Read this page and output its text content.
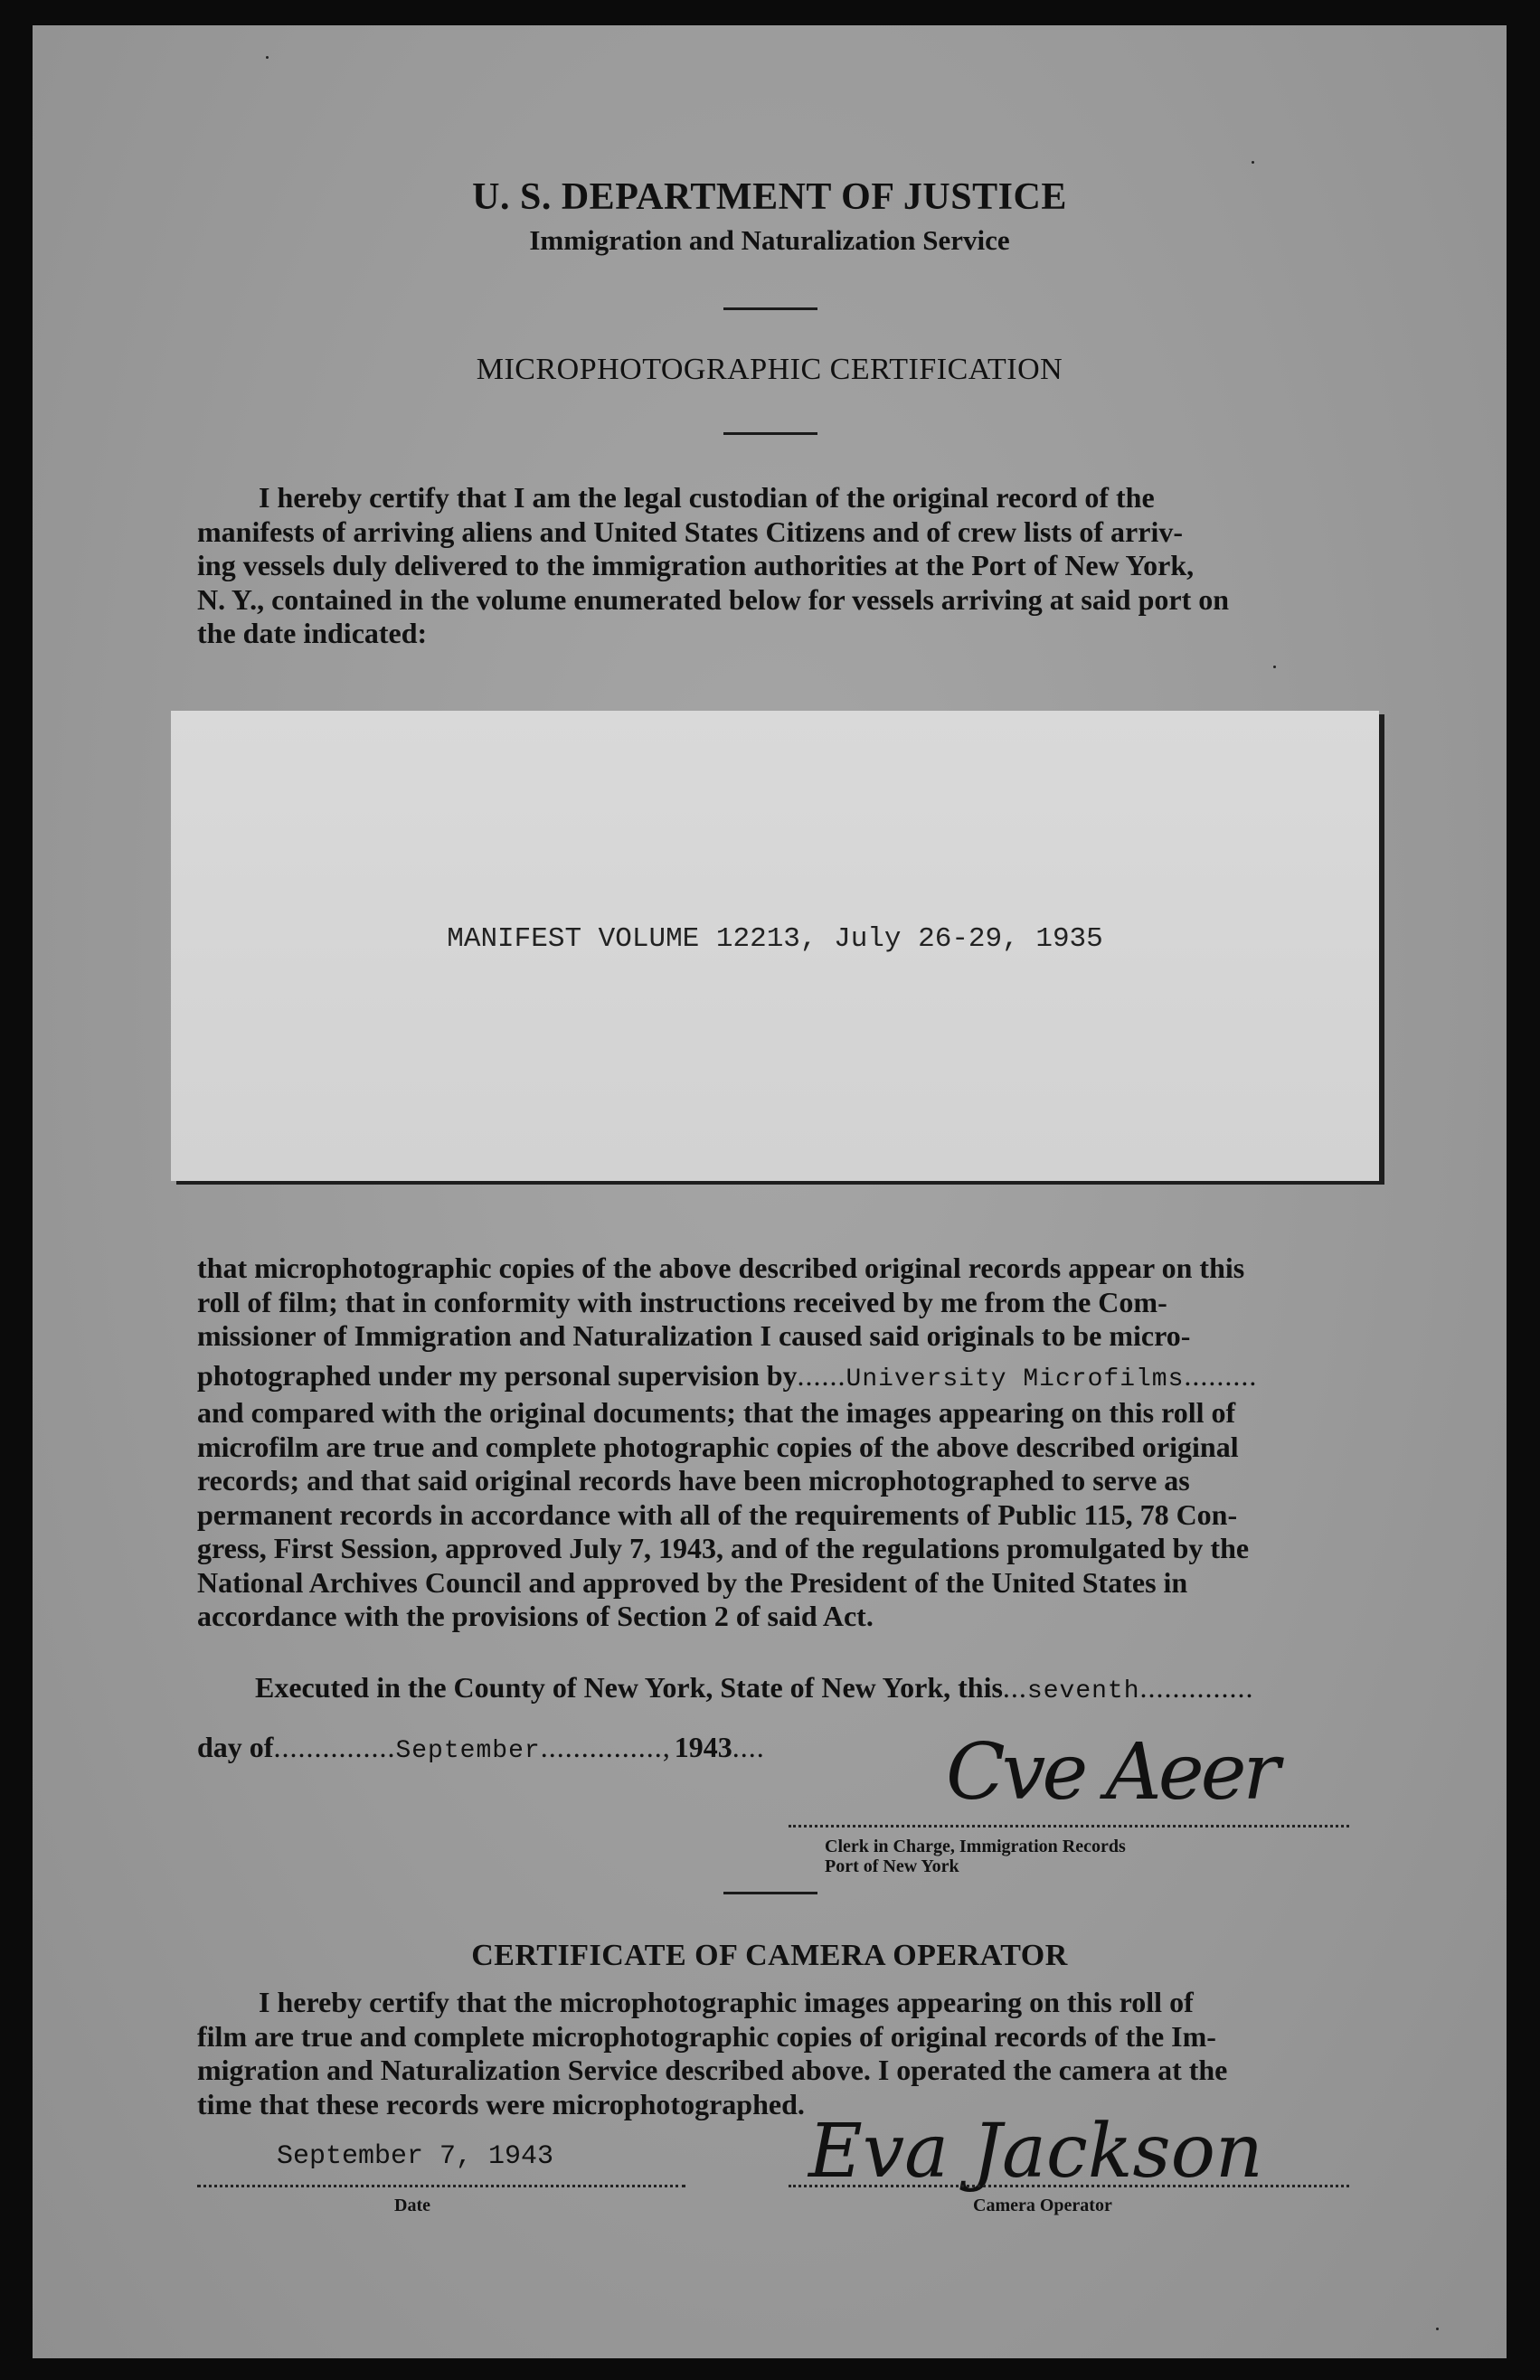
U. S. DEPARTMENT OF JUSTICE
Immigration and Naturalization Service
MICROPHOTOGRAPHIC CERTIFICATION
I hereby certify that I am the legal custodian of the original record of the
manifests of arriving aliens and United States Citizens and of crew lists of arriv-
ing vessels duly delivered to the immigration authorities at the Port of New York,
N. Y., contained in the volume enumerated below for vessels arriving at said port on
the date indicated:
MANIFEST VOLUME 12213, July 26-29, 1935
that microphotographic copies of the above described original records appear on this
roll of film; that in conformity with instructions received by me from the Com-
missioner of Immigration and Naturalization I caused said originals to be micro-
photographed under my personal supervision by......University Microfilms.........
and compared with the original documents; that the images appearing on this roll of
microfilm are true and complete photographic copies of the above described original
records; and that said original records have been microphotographed to serve as
permanent records in accordance with all of the requirements of Public 115, 78 Con-
gress, First Session, approved July 7, 1943, and of the regulations promulgated by the
National Archives Council and approved by the President of the United States in
accordance with the provisions of Section 2 of said Act.
Executed in the County of New York, State of New York, this...seventh..............
day of...............September..............., 1943.... Cve Aeer
Clerk in Charge, Immigration Records
Port of New York
CERTIFICATE OF CAMERA OPERATOR
I hereby certify that the microphotographic images appearing on this roll of
film are true and complete microphotographic copies of original records of the Im-
migration and Naturalization Service described above. I operated the camera at the
time that these records were microphotographed.
September 7, 1943
Date
Eva Jackson
Camera Operator
